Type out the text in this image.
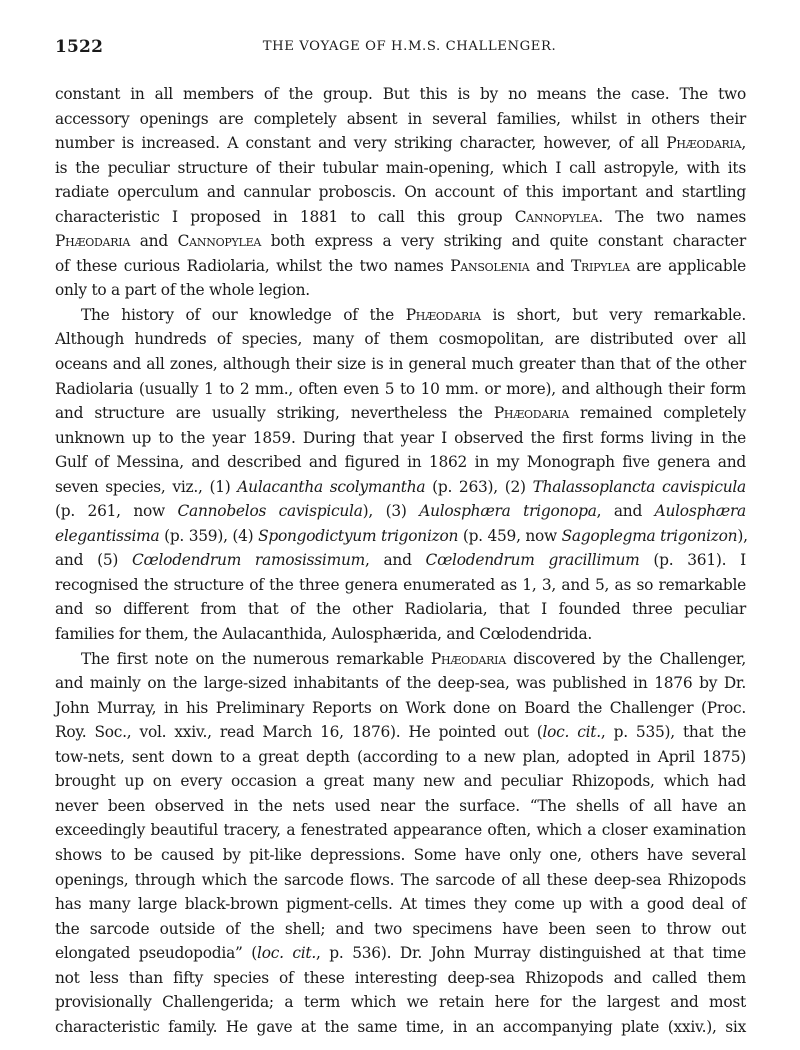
1522	THE VOYAGE OF H.M.S. CHALLENGER.
constant in all members of the group. But this is by no means the case. The two
accessory openings are completely absent in several families, whilst in others their
number is increased. A constant and very striking character, however, of all Phæodaria,
is the peculiar structure of their tubular main-opening, which I call astropyle, with its
radiate operculum and cannular proboscis. On account of this important and startling
characteristic I proposed in 1881 to call this group Cannopylea. The two names
Phæodaria and Cannopylea both express a very striking and quite constant character
of these curious Radiolaria, whilst the two names Pansolenia and Tripylea are applicable
only to a part of the whole legion.
The history of our knowledge of the Phæodaria is short, but very remarkable.
Although hundreds of species, many of them cosmopolitan, are distributed over all
oceans and all zones, although their size is in general much greater than that of the other
Radiolaria (usually 1 to 2 mm., often even 5 to 10 mm. or more), and although their form
and structure are usually striking, nevertheless the Phæodaria remained completely
unknown up to the year 1859. During that year I observed the first forms living in the
Gulf of Messina, and described and figured in 1862 in my Monograph five genera and
seven species, viz., (1) Aulacantha scolymantha (p. 263), (2) Thalassoplancta cavispicula
(p. 261, now Cannobelos cavispicula), (3) Aulosphæra trigonopa, and Aulosphæra
elegantissima (p. 359), (4) Spongodictyum trigonizon (p. 459, now Sagoplegma trigonizon),
and (5) Cœlodendrum ramosissimum, and Cœlodendrum gracillimum (p. 361). I
recognised the structure of the three genera enumerated as 1, 3, and 5, as so remarkable
and so different from that of the other Radiolaria, that I founded three peculiar
families for them, the Aulacanthida, Aulosphærida, and Cœlodendrida.
The first note on the numerous remarkable Phæodaria discovered by the Challenger,
and mainly on the large-sized inhabitants of the deep-sea, was published in 1876 by Dr.
John Murray, in his Preliminary Reports on Work done on Board the Challenger (Proc.
Roy. Soc., vol. xxiv., read March 16, 1876). He pointed out (loc. cit., p. 535), that the
tow-nets, sent down to a great depth (according to a new plan, adopted in April 1875)
brought up on every occasion a great many new and peculiar Rhizopods, which had
never been observed in the nets used near the surface. “The shells of all have an
exceedingly beautiful tracery, a fenestrated appearance often, which a closer examination
shows to be caused by pit-like depressions. Some have only one, others have several
openings, through which the sarcode flows. The sarcode of all these deep-sea Rhizopods
has many large black-brown pigment-cells. At times they come up with a good deal of
the sarcode outside of the shell; and two specimens have been seen to throw out
elongated pseudopodia” (loc. cit., p. 536). Dr. John Murray distinguished at that time
not less than fifty species of these interesting deep-sea Rhizopods and called them
provisionally Challengerida; a term which we retain here for the largest and most
characteristic family. He gave at the same time, in an accompanying plate (xxiv.), six
